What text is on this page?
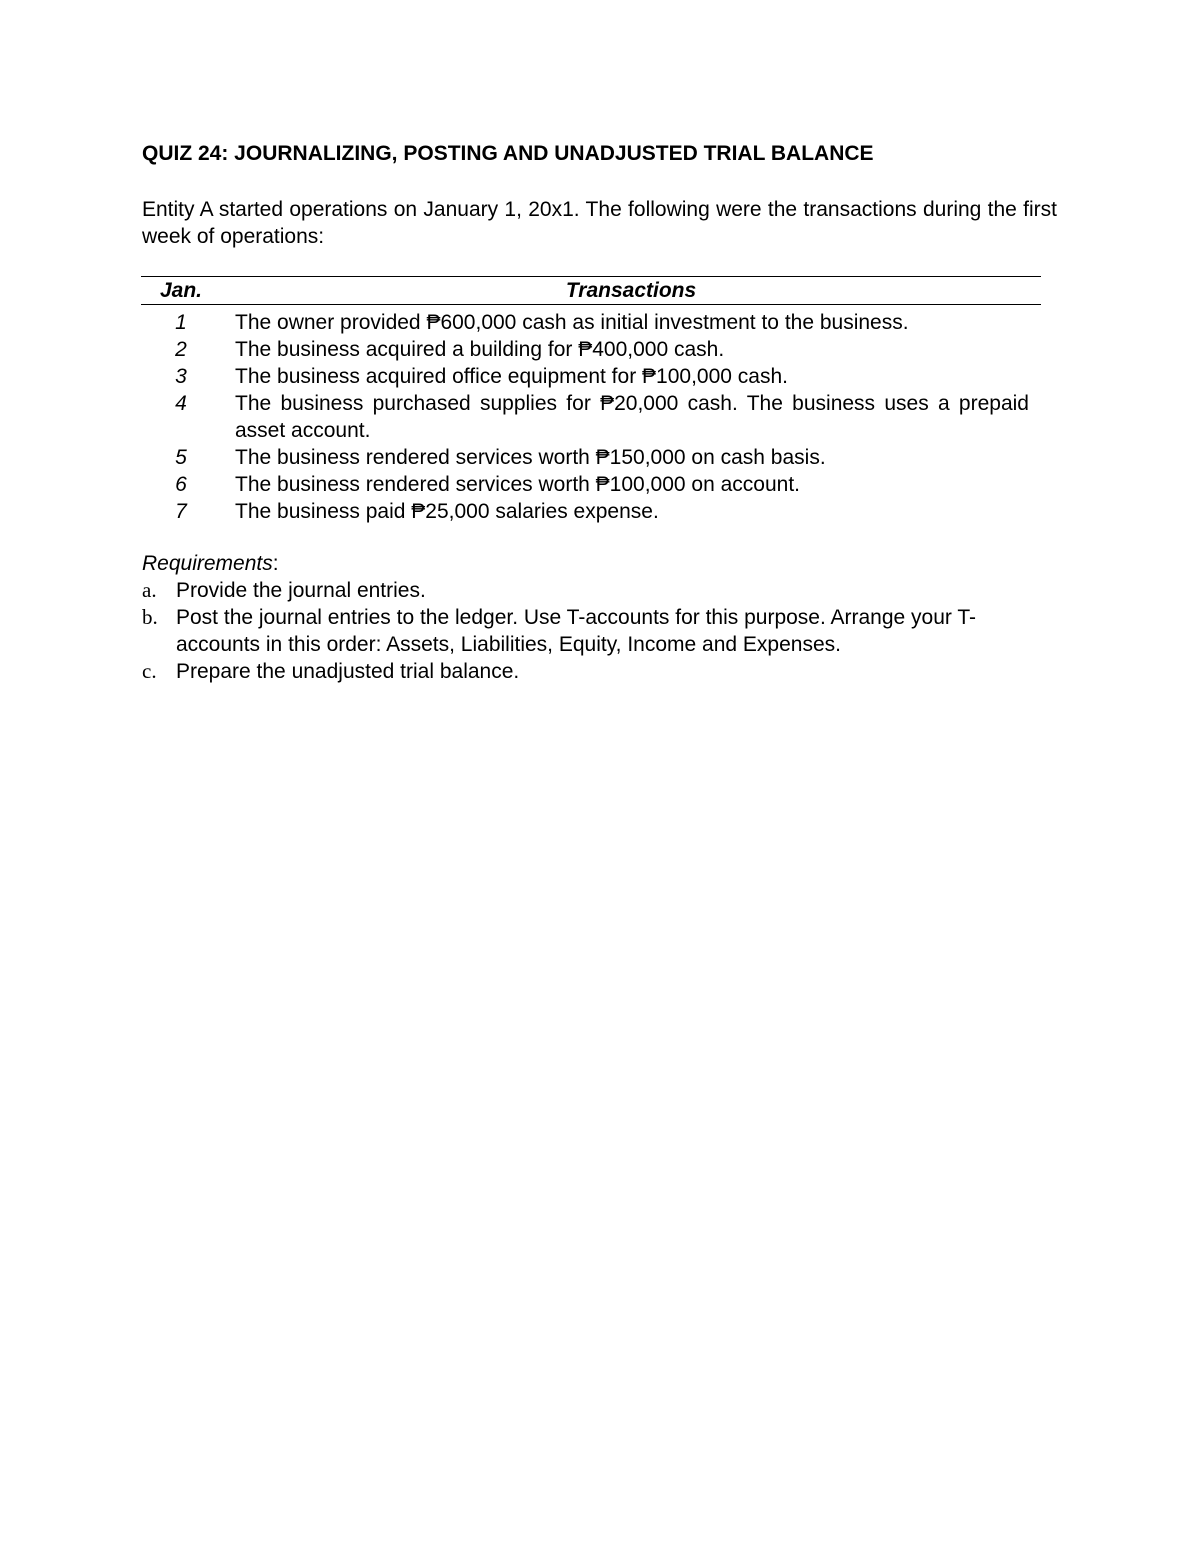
QUIZ 24: JOURNALIZING, POSTING AND UNADJUSTED TRIAL BALANCE
Entity A started operations on January 1, 20x1. The following were the transactions during the first week of operations:
Jan.	Transactions
1	The owner provided ₱600,000 cash as initial investment to the business.
2	The business acquired a building for ₱400,000 cash.
3	The business acquired office equipment for ₱100,000 cash.
4	The business purchased supplies for ₱20,000 cash. The business uses a prepaid asset account.
5	The business rendered services worth ₱150,000 on cash basis.
6	The business rendered services worth ₱100,000 on account.
7	The business paid ₱25,000 salaries expense.
Requirements:
a. Provide the journal entries.
b. Post the journal entries to the ledger. Use T-accounts for this purpose. Arrange your T-accounts in this order: Assets, Liabilities, Equity, Income and Expenses.
c. Prepare the unadjusted trial balance.
